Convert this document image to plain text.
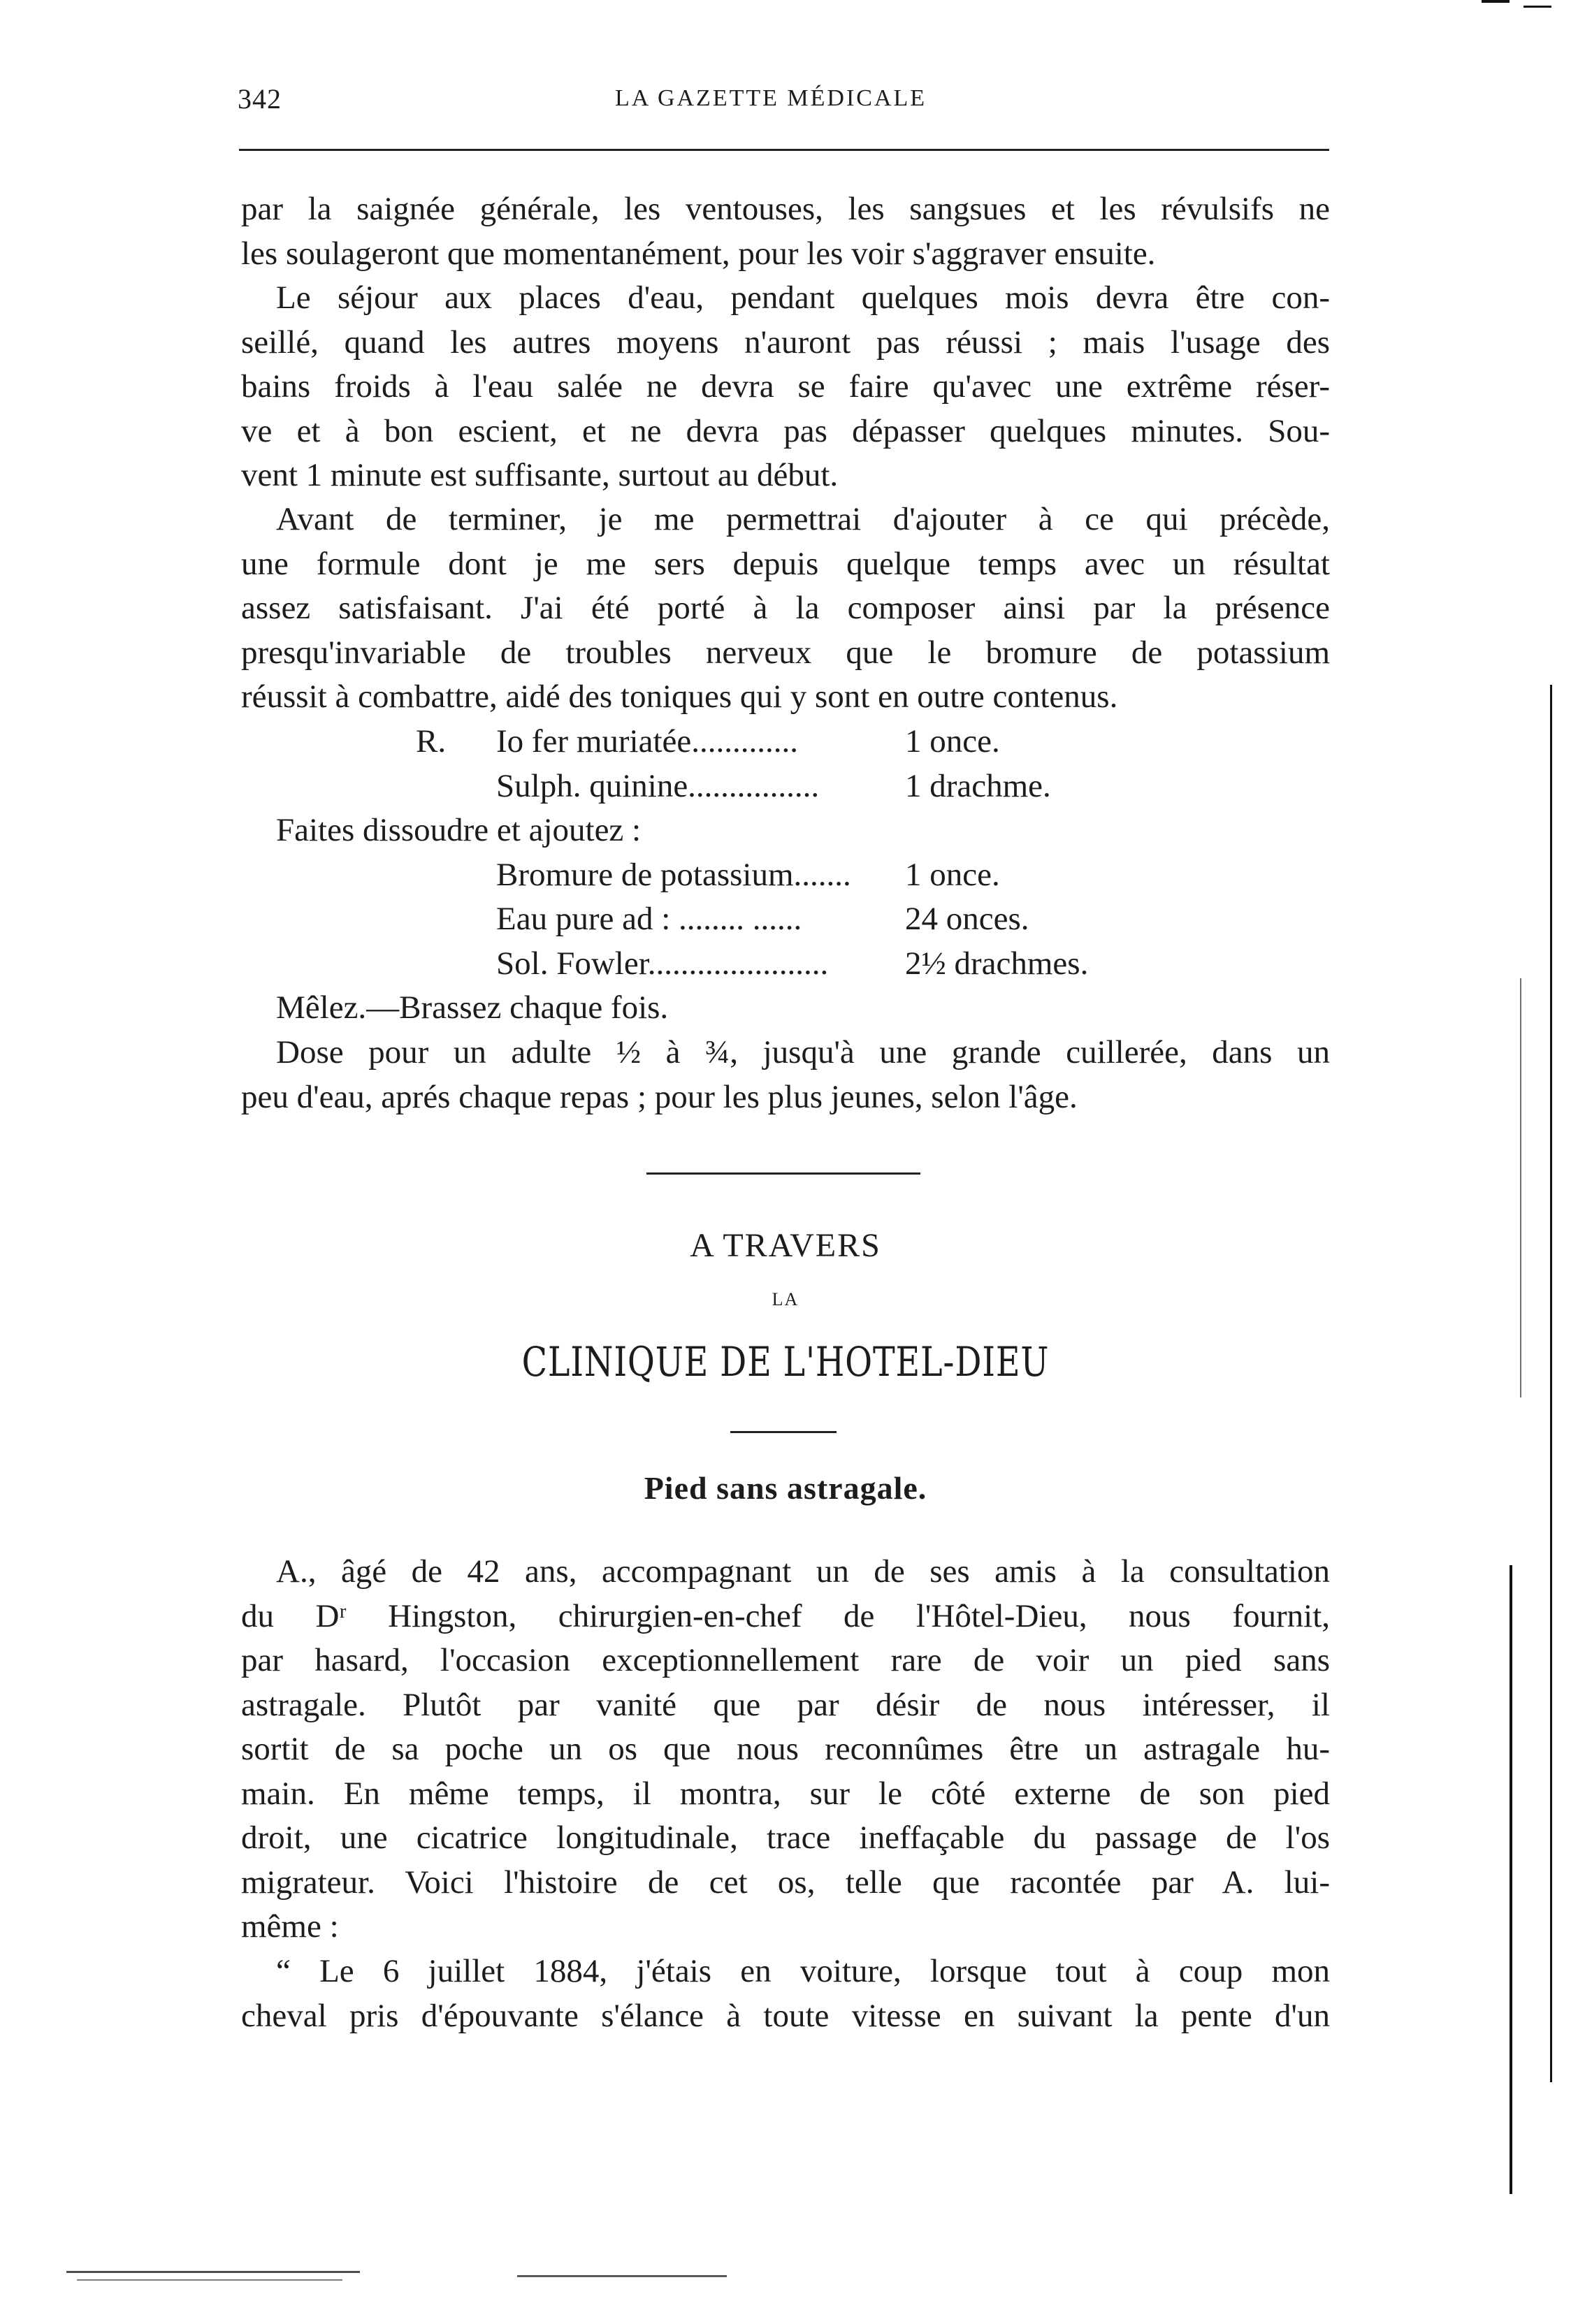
342	LA GAZETTE MÉDICALE
par la saignée générale, les ventouses, les sangsues et les révulsifs ne
les soulageront que momentanément, pour les voir s'aggraver ensuite.
Le séjour aux places d'eau, pendant quelques mois devra être con-
seillé, quand les autres moyens n'auront pas réussi ; mais l'usage des
bains froids à l'eau salée ne devra se faire qu'avec une extrême réser-
ve et à bon escient, et ne devra pas dépasser quelques minutes. Sou-
vent 1 minute est suffisante, surtout au début.
Avant de terminer, je me permettrai d'ajouter à ce qui précède,
une formule dont je me sers depuis quelque temps avec un résultat
assez satisfaisant. J'ai été porté à la composer ainsi par la présence
presqu'invariable de troubles nerveux que le bromure de potassium
réussit à combattre, aidé des toniques qui y sont en outre contenus.
R. Io fer muriatée.............	1 once.
Sulph. quinine................	1 drachme.
Faites dissoudre et ajoutez :
Bromure de potassium....... 1 once.
Eau pure ad : ........ ......	24 onces.
Sol. Fowler...................... 2½ drachmes.
Mêlez.—Brassez chaque fois.
Dose pour un adulte ½ à ¾, jusqu'à une grande cuillerée, dans un
peu d'eau, aprés chaque repas ; pour les plus jeunes, selon l'âge.
A TRAVERS
LA
CLINIQUE DE L'HOTEL-DIEU
Pied sans astragale.
A., âgé de 42 ans, accompagnant un de ses amis à la consultation
du Dʳ Hingston, chirurgien-en-chef de l'Hôtel-Dieu, nous fournit,
par hasard, l'occasion exceptionnellement rare de voir un pied sans
astragale. Plutôt par vanité que par désir de nous intéresser, il
sortit de sa poche un os que nous reconnûmes être un astragale hu-
main. En même temps, il montra, sur le côté externe de son pied
droit, une cicatrice longitudinale, trace ineffaçable du passage de l'os
migrateur. Voici l'histoire de cet os, telle que racontée par A. lui-
même :
“ Le 6 juillet 1884, j'étais en voiture, lorsque tout à coup mon
cheval pris d'épouvante s'élance à toute vitesse en suivant la pente d'un
